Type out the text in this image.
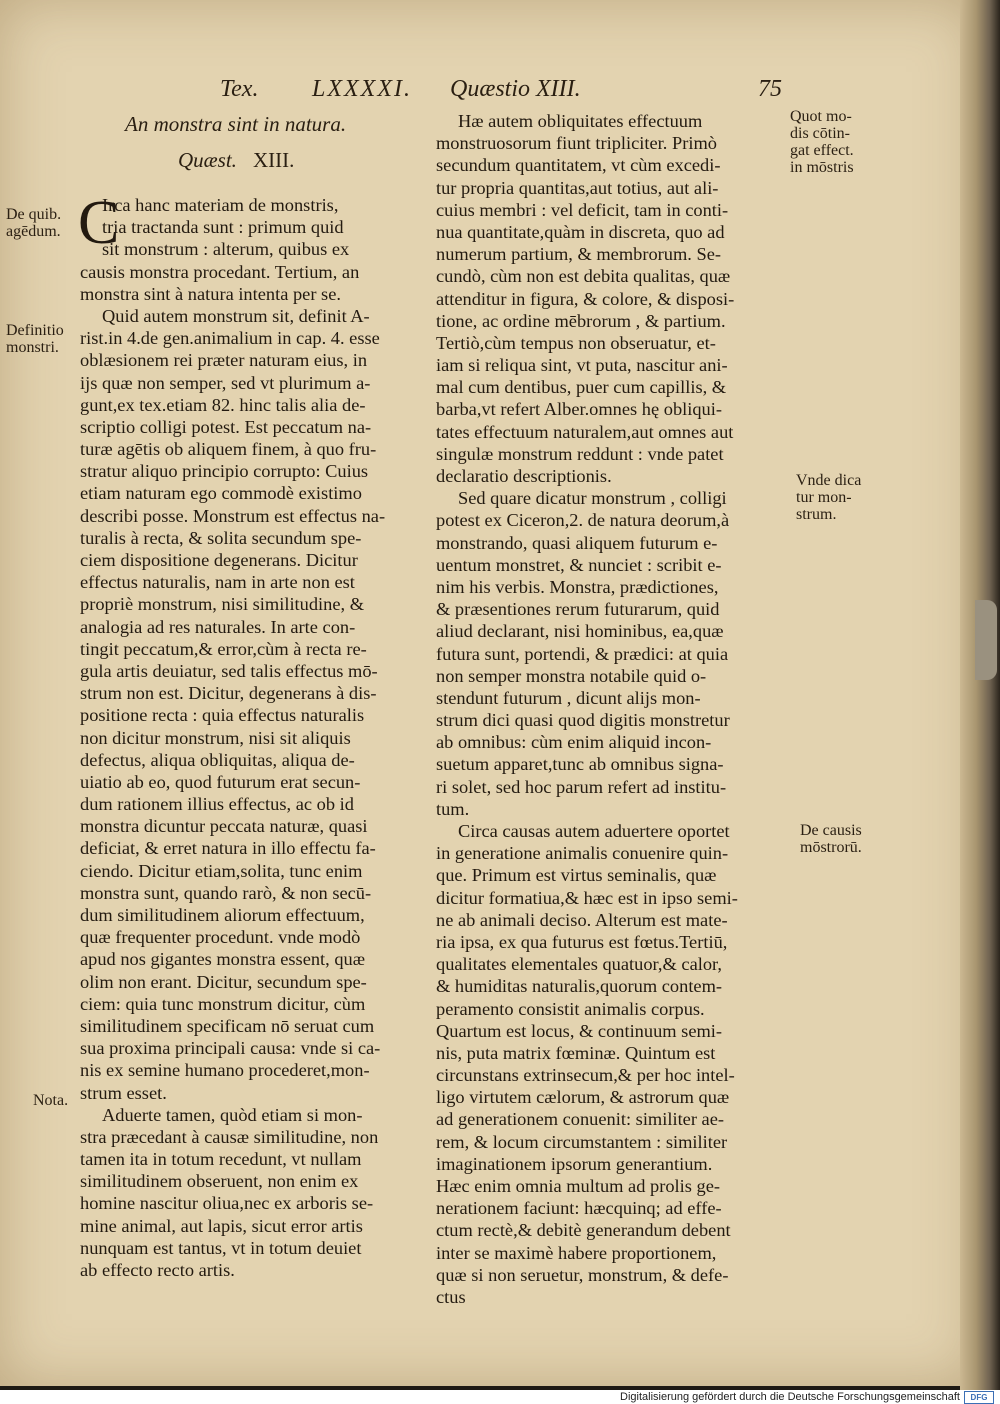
Tex. LXXXXI. Quæstio XIII.	75
An monstra sint in natura.
Quæst. XIII.
C
Irca hanc materiam de monstris,
tria tractanda sunt : primum quid
sit monstrum : alterum, quibus ex
causis monstra procedant. Tertium, an
monstra sint à natura intenta per se.
Quid autem monstrum sit, definit A-
rist.in 4.de gen.animalium in cap. 4. esse
oblæsionem rei præter naturam eius, in
ijs quæ non semper, sed vt plurimum a-
gunt,ex tex.etiam 82. hinc talis alia de-
scriptio colligi potest. Est peccatum na-
turæ agētis ob aliquem finem, à quo fru-
stratur aliquo principio corrupto: Cuius
etiam naturam ego commodè existimo
describi posse. Monstrum est effectus na-
turalis à recta, & solita secundum spe-
ciem dispositione degenerans. Dicitur
effectus naturalis, nam in arte non est
propriè monstrum, nisi similitudine, &
analogia ad res naturales. In arte con-
tingit peccatum,& error,cùm à recta re-
gula artis deuiatur, sed talis effectus mō-
strum non est. Dicitur, degenerans à dis-
positione recta : quia effectus naturalis
non dicitur monstrum, nisi sit aliquis
defectus, aliqua obliquitas, aliqua de-
uiatio ab eo, quod futurum erat secun-
dum rationem illius effectus, ac ob id
monstra dicuntur peccata naturæ, quasi
deficiat, & erret natura in illo effectu fa-
ciendo. Dicitur etiam,solita, tunc enim
monstra sunt, quando rarò, & non secū-
dum similitudinem aliorum effectuum,
quæ frequenter procedunt. vnde modò
apud nos gigantes monstra essent, quæ
olim non erant. Dicitur, secundum spe-
ciem: quia tunc monstrum dicitur, cùm
similitudinem specificam nō seruat cum
sua proxima principali causa: vnde si ca-
nis ex semine humano procederet,mon-
strum esset.
Aduerte tamen, quòd etiam si mon-
stra præcedant à causæ similitudine, non
tamen ita in totum recedunt, vt nullam
similitudinem obseruent, non enim ex
homine nascitur oliua,nec ex arboris se-
mine animal, aut lapis, sicut error artis
nunquam est tantus, vt in totum deuiet
ab effecto recto artis.
Hæ autem obliquitates effectuum
monstruosorum fiunt tripliciter. Primò
secundum quantitatem, vt cùm excedi-
tur propria quantitas,aut totius, aut ali-
cuius membri : vel deficit, tam in conti-
nua quantitate,quàm in discreta, quo ad
numerum partium, & membrorum. Se-
cundò, cùm non est debita qualitas, quæ
attenditur in figura, & colore, & disposi-
tione, ac ordine mēbrorum , & partium.
Tertiò,cùm tempus non obseruatur, et-
iam si reliqua sint, vt puta, nascitur ani-
mal cum dentibus, puer cum capillis, &
barba,vt refert Alber.omnes hę obliqui-
tates effectuum naturalem,aut omnes aut
singulæ monstrum reddunt : vnde patet
declaratio descriptionis.
Sed quare dicatur monstrum , colligi
potest ex Ciceron,2. de natura deorum,à
monstrando, quasi aliquem futurum e-
uentum monstret, & nunciet : scribit e-
nim his verbis. Monstra, prædictiones,
& præsentiones rerum futurarum, quid
aliud declarant, nisi hominibus, ea,quæ
futura sunt, portendi, & prædici: at quia
non semper monstra notabile quid o-
stendunt futurum , dicunt alijs mon-
strum dici quasi quod digitis monstretur
ab omnibus: cùm enim aliquid incon-
suetum apparet,tunc ab omnibus signa-
ri solet, sed hoc parum refert ad institu-
tum.
Circa causas autem aduertere oportet
in generatione animalis conuenire quin-
que. Primum est virtus seminalis, quæ
dicitur formatiua,& hæc est in ipso semi-
ne ab animali deciso. Alterum est mate-
ria ipsa, ex qua futurus est fœtus.Tertiū,
qualitates elementales quatuor,& calor,
& humiditas naturalis,quorum contem-
peramento consistit animalis corpus.
Quartum est locus, & continuum semi-
nis, puta matrix fœminæ. Quintum est
circunstans extrinsecum,& per hoc intel-
ligo virtutem cælorum, & astrorum quæ
ad generationem conuenit: similiter ae-
rem, & locum circumstantem : similiter
imaginationem ipsorum generantium.
Hæc enim omnia multum ad prolis ge-
nerationem faciunt: hæcquinq; ad effe-
ctum rectè,& debitè generandum debent
inter se maximè habere proportionem,
quæ si non seruetur, monstrum, & defe-
ctus
De quib.
agēdum.
Definitio
monstri.
Nota.
Quot mo-
dis cōtin-
gat effect.
in mōstris
Vnde dica
tur mon-
strum.
De causis
mōstrorū.
Digitalisierung gefördert durch die Deutsche Forschungsgemeinschaft	DFG
